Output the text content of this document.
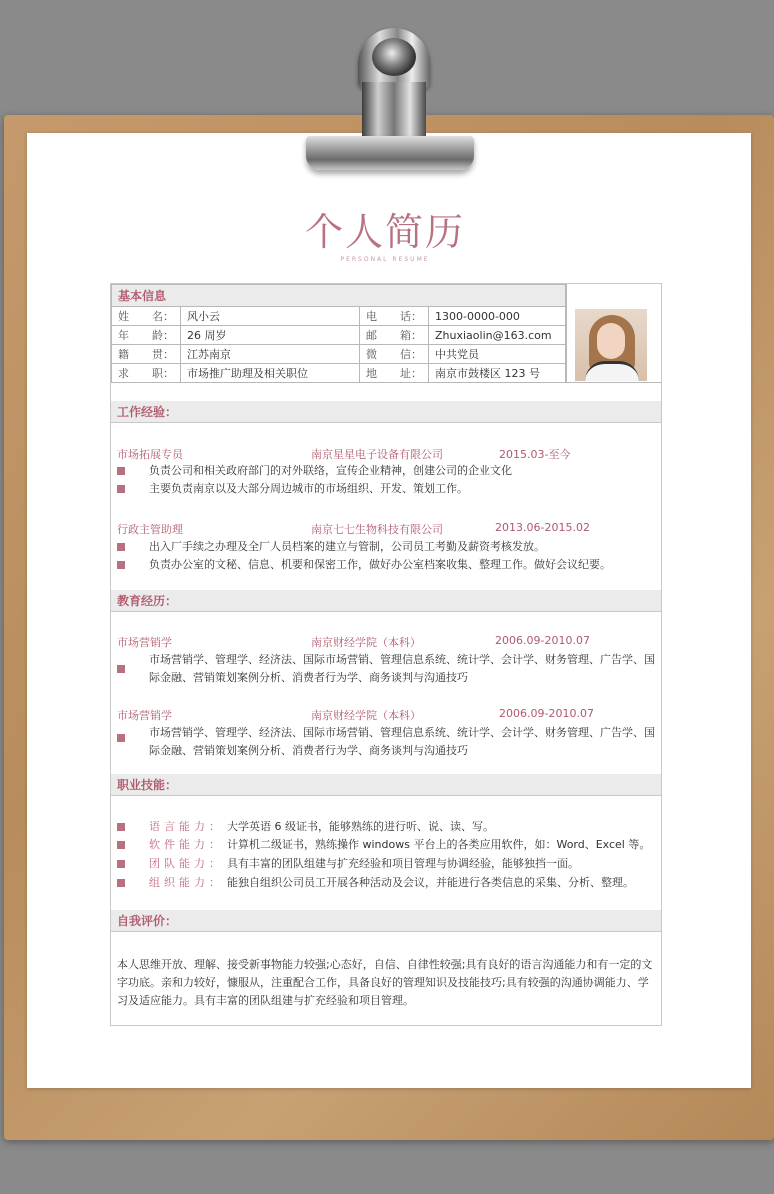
个人简历
PERSONAL RESUME
基本信息			

姓 名：	风小云	电 话：	1300-0000-000

年 龄：	26 周岁	邮 箱：	Zhuxiaolin@163.com

籍 贯：	江苏南京	微 信：	中共党员

求 职：	市场推广助理及相关职位	地 址：	南京市鼓楼区 123 号
工作经验：
市场拓展专员	南京星星电子设备有限公司	2015.03-至今
负责公司和相关政府部门的对外联络，宣传企业精神，创建公司的企业文化
主要负责南京以及大部分周边城市的市场组织、开发、策划工作。
行政主管助理	南京七七生物科技有限公司	2013.06-2015.02
出入厂手续之办理及全厂人员档案的建立与管制，公司员工考勤及薪资考核发放。
负责办公室的文秘、信息、机要和保密工作，做好办公室档案收集、整理工作。做好会议纪要。
教育经历：
市场营销学	南京财经学院（本科）	2006.09-2010.07
市场营销学、管理学、经济法、国际市场营销、管理信息系统、统计学、会计学、财务管理、广告学、国际金融、营销策划案例分析、消费者行为学、商务谈判与沟通技巧
市场营销学	南京财经学院（本科）	2006.09-2010.07
市场营销学、管理学、经济法、国际市场营销、管理信息系统、统计学、会计学、财务管理、广告学、国际金融、营销策划案例分析、消费者行为学、商务谈判与沟通技巧
职业技能：
语言能力： 大学英语 6 级证书，能够熟练的进行听、说、读、写。
软件能力： 计算机二级证书，熟练操作 windows 平台上的各类应用软件，如：Word、Excel 等。
团队能力： 具有丰富的团队组建与扩充经验和项目管理与协调经验，能够独挡一面。
组织能力： 能独自组织公司员工开展各种活动及会议，并能进行各类信息的采集、分析、整理。
自我评价：
本人思维开放、理解、接受新事物能力较强;心态好，自信、自律性较强;具有良好的语言沟通能力和有一定的文字功底。亲和力较好，慷服从，注重配合工作，具备良好的管理知识及技能技巧;具有较强的沟通协调能力、学习及适应能力。具有丰富的团队组建与扩充经验和项目管理。
